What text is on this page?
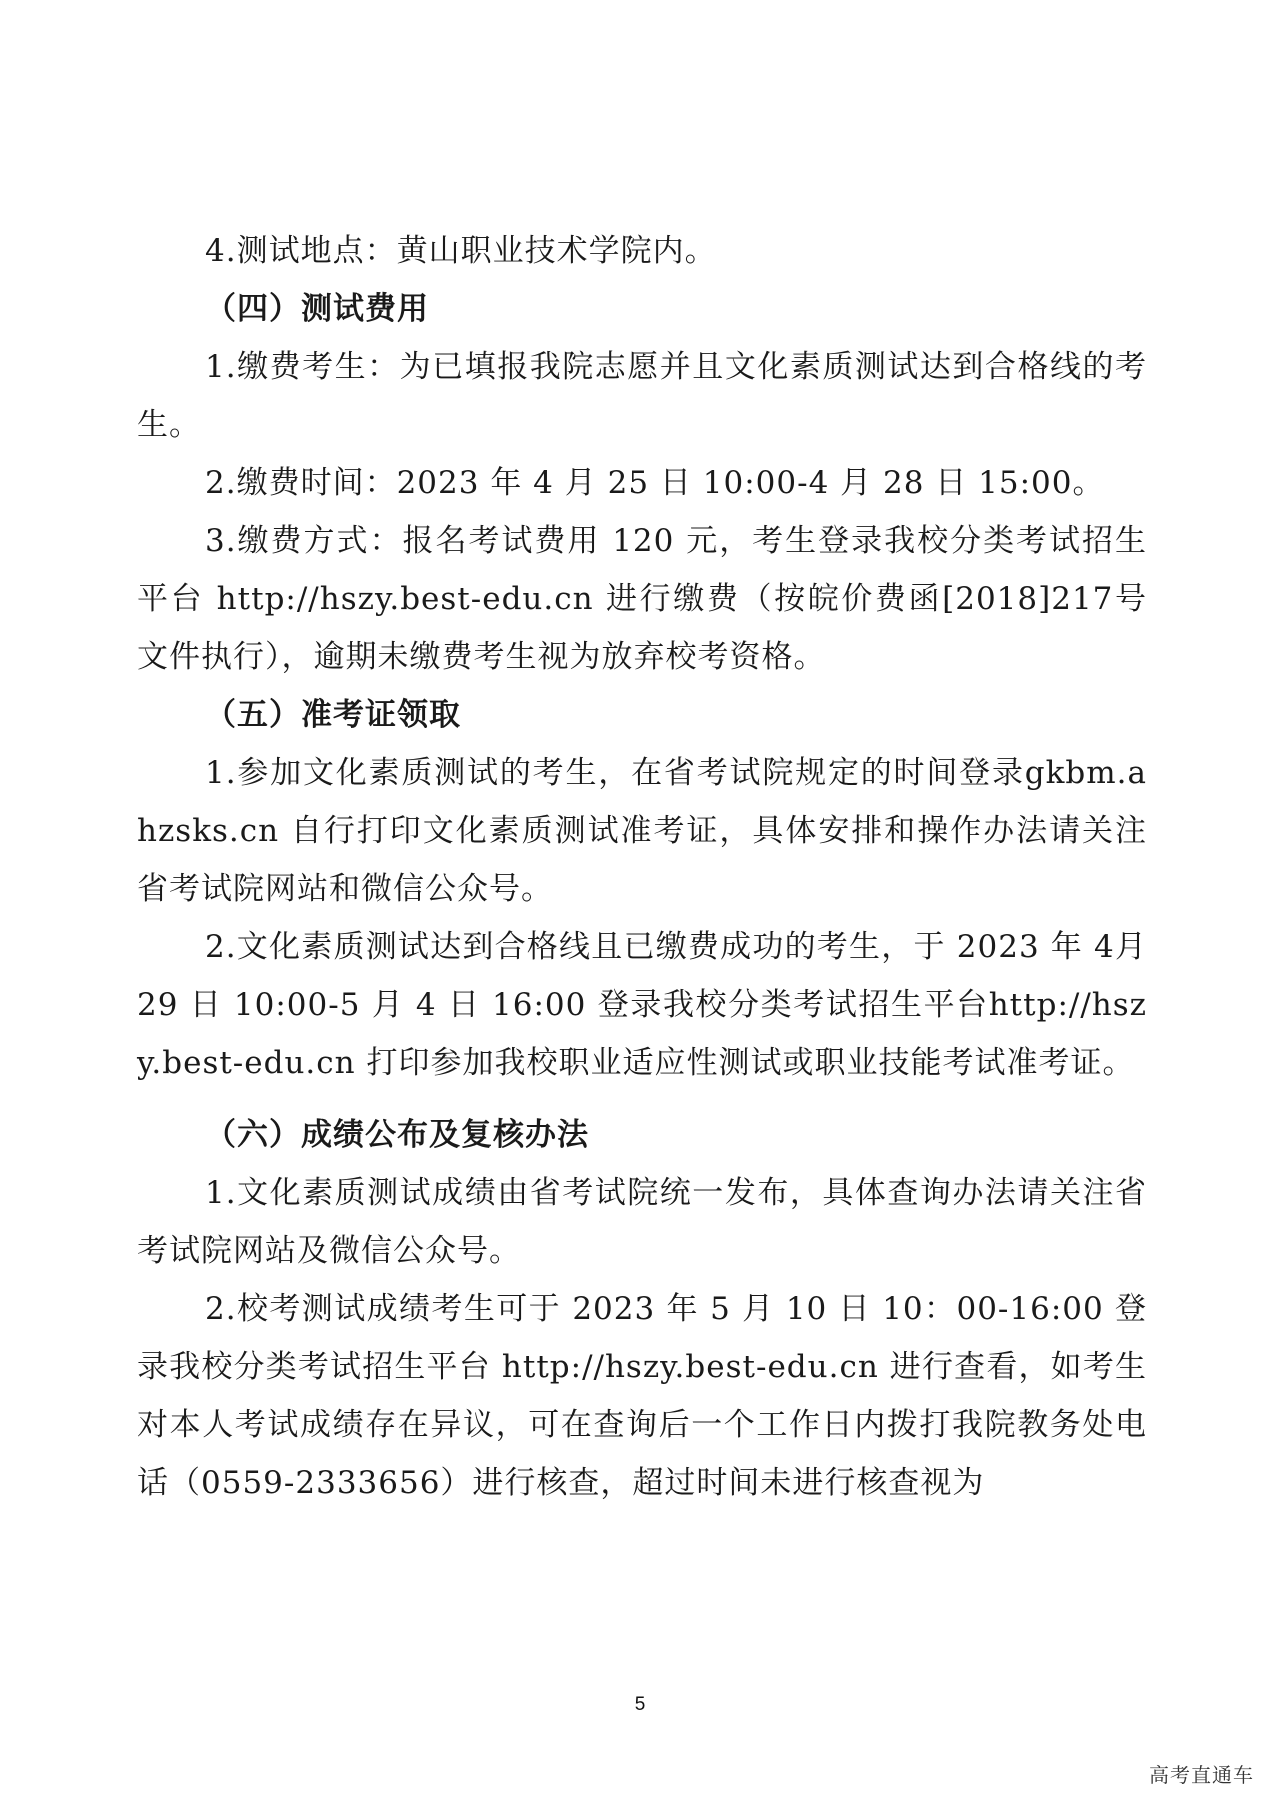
4.测试地点：黄山职业技术学院内。

（四）测试费用

1.缴费考生：为已填报我院志愿并且文化素质测试达到合格线的考生。

2.缴费时间：2023 年 4 月 25 日 10:00-4 月 28 日 15:00。

3.缴费方式：报名考试费用 120 元，考生登录我校分类考试招生平台 http://hszy.best-edu.cn 进行缴费（按皖价费函[2018]217号文件执行），逾期未缴费考生视为放弃校考资格。

（五）准考证领取

1.参加文化素质测试的考生，在省考试院规定的时间登录gkbm.ahzsks.cn 自行打印文化素质测试准考证，具体安排和操作办法请关注省考试院网站和微信公众号。

2.文化素质测试达到合格线且已缴费成功的考生，于 2023 年 4月 29 日 10:00-5 月 4 日 16:00 登录我校分类考试招生平台http://hszy.best-edu.cn 打印参加我校职业适应性测试或职业技能考试准考证。

（六）成绩公布及复核办法

1.文化素质测试成绩由省考试院统一发布，具体查询办法请关注省考试院网站及微信公众号。

2.校考测试成绩考生可于 2023 年 5 月 10 日 10：00-16:00 登录我校分类考试招生平台 http://hszy.best-edu.cn 进行查看，如考生对本人考试成绩存在异议，可在查询后一个工作日内拨打我院教务处电话（0559-2333656）进行核查，超过时间未进行核查视为

5
高考直通车
